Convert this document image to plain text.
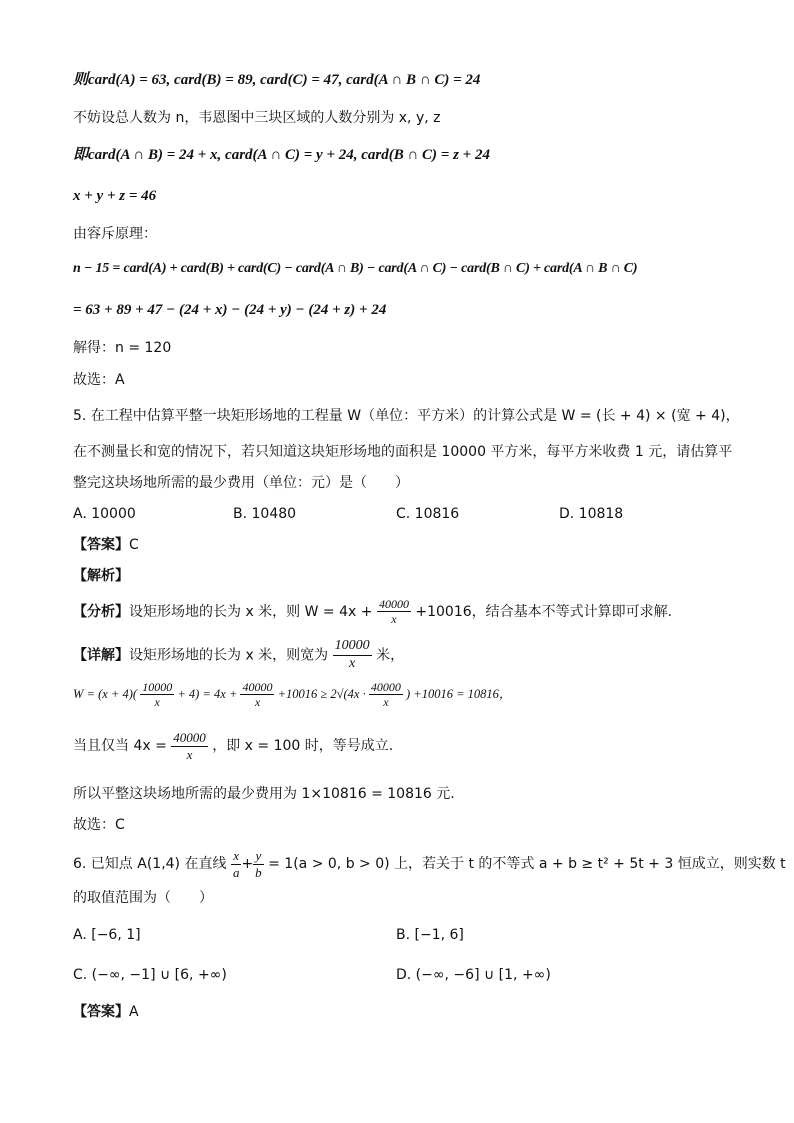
则card(A) = 63, card(B) = 89, card(C) = 47, card(A ∩ B ∩ C) = 24
不妨设总人数为 n，韦恩图中三块区域的人数分别为 x, y, z
即card(A ∩ B) = 24 + x, card(A ∩ C) = y + 24, card(B ∩ C) = z + 24
x + y + z = 46
由容斥原理：
n − 15 = card(A) + card(B) + card(C) − card(A ∩ B) − card(A ∩ C) − card(B ∩ C) + card(A ∩ B ∩ C)
= 63 + 89 + 47 − (24 + x) − (24 + y) − (24 + z) + 24
解得：n = 120
故选：A
5. 在工程中估算平整一块矩形场地的工程量 W（单位：平方米）的计算公式是 W = (长 + 4) × (宽 + 4)，
在不测量长和宽的情况下，若只知道这块矩形场地的面积是 10000 平方米，每平方米收费 1 元，请估算平
整完这块场地所需的最少费用（单位：元）是（　　）
A. 10000	B. 10480	C. 10816	D. 10818
【答案】C
【解析】
【分析】设矩形场地的长为 x 米，则 $W = 4x + \frac{40000}{x} +10016$，结合基本不等式计算即可求解.
【详解】设矩形场地的长为 x 米，则宽为 $\frac{10000}{x}$ 米，
$W = (x + 4)( \frac{10000}{x} + 4) = 4x + \frac{40000}{x} +10016 \ge 2√(4x \cdot \frac{40000}{x}$ ) +10016 = 10816，
当且仅当 $4x = \frac{40000}{x}$ ，即 x = 100 时，等号成立.
所以平整这块场地所需的最少费用为 1×10816 = 10816 元.
故选：C
6. 已知点 A(1,4) 在直线 $\frac{x}{a} + \frac{y}{b} = 1(a > 0$, b > 0) 上，若关于 t 的不等式 a + b ≥ t² + 5t + 3 恒成立，则实数 t
的取值范围为（　　）
A. [−6, 1]	B. [−1, 6]
C. (−∞, −1] ∪ [6, +∞)	D. (−∞, −6] ∪ [1, +∞)
【答案】A
